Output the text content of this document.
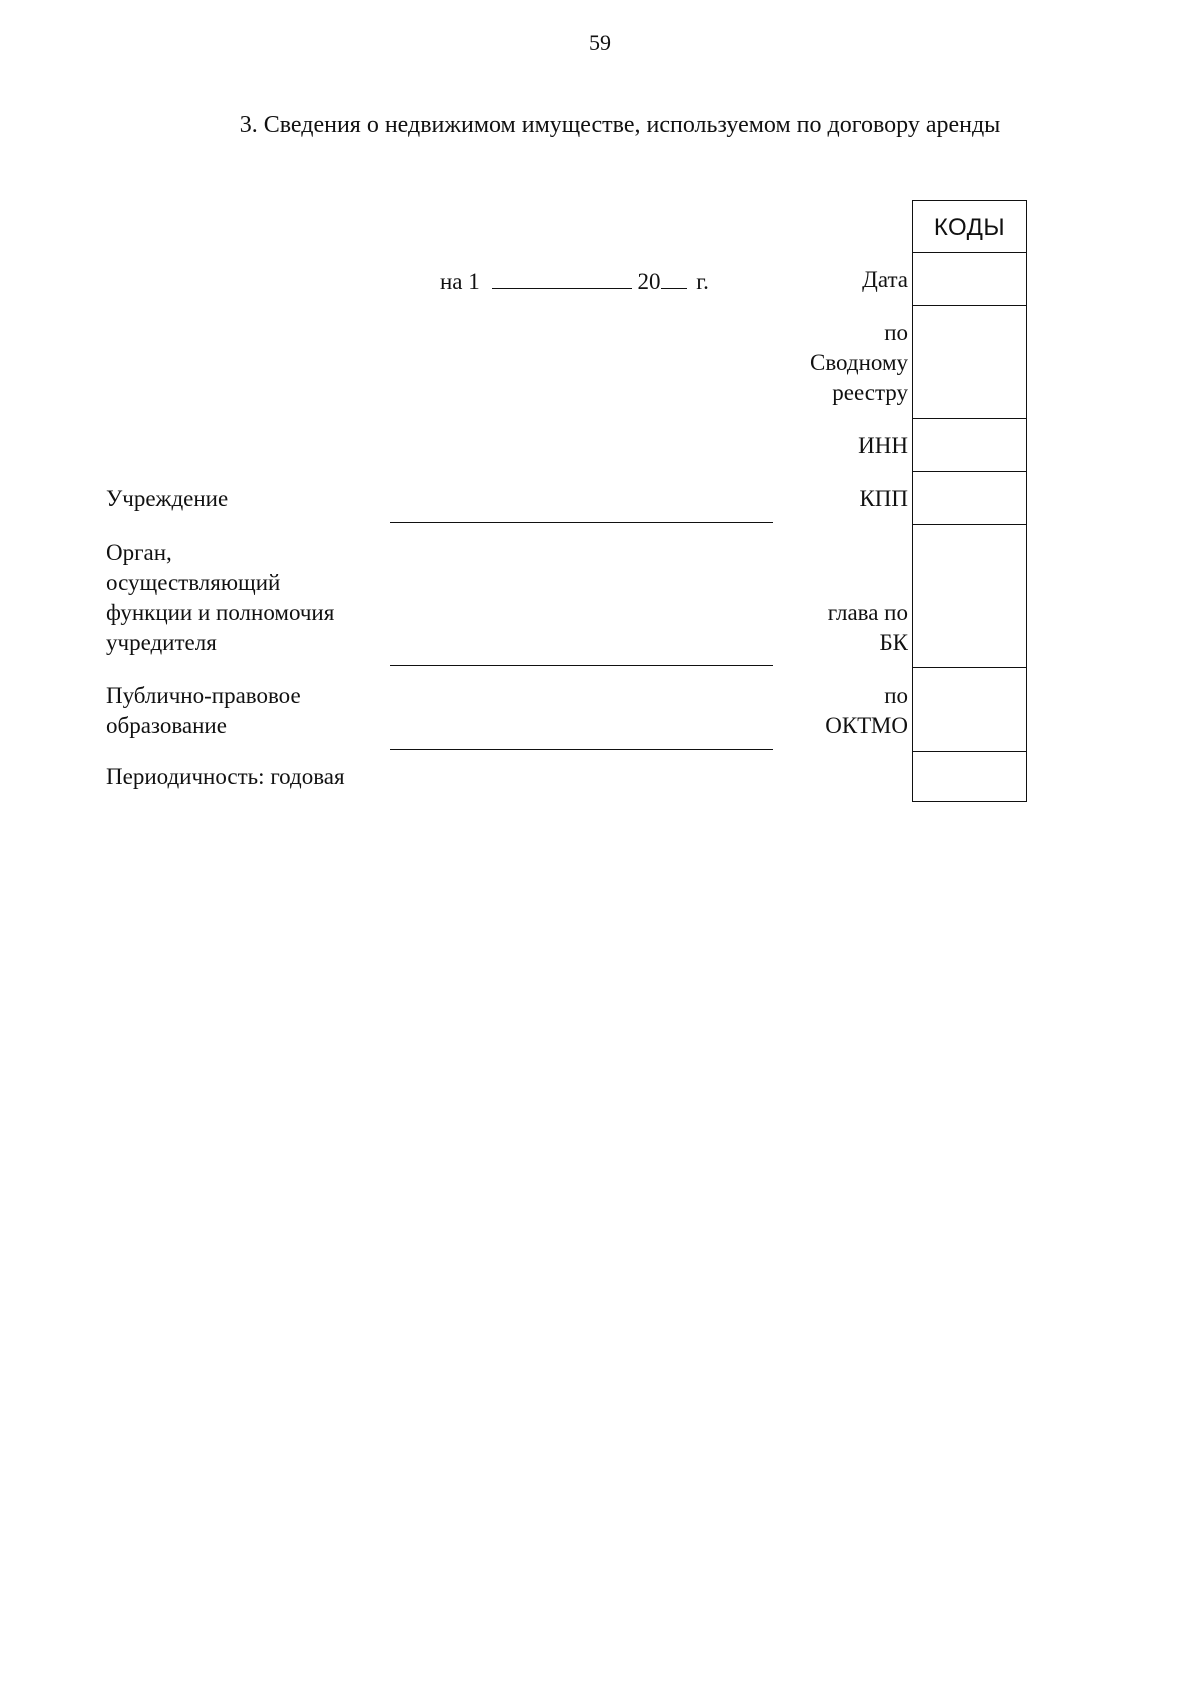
59
3. Сведения о недвижимом имуществе, используемом по договору аренды
на 1	20 г.
КОДЫ
Дата
по
Сводному
реестру
ИНН
КПП
глава по
БК
по
ОКТМО
Учреждение
Орган,
осуществляющий
функции и полномочия
учредителя
Публично-правовое
образование
Периодичность: годовая
